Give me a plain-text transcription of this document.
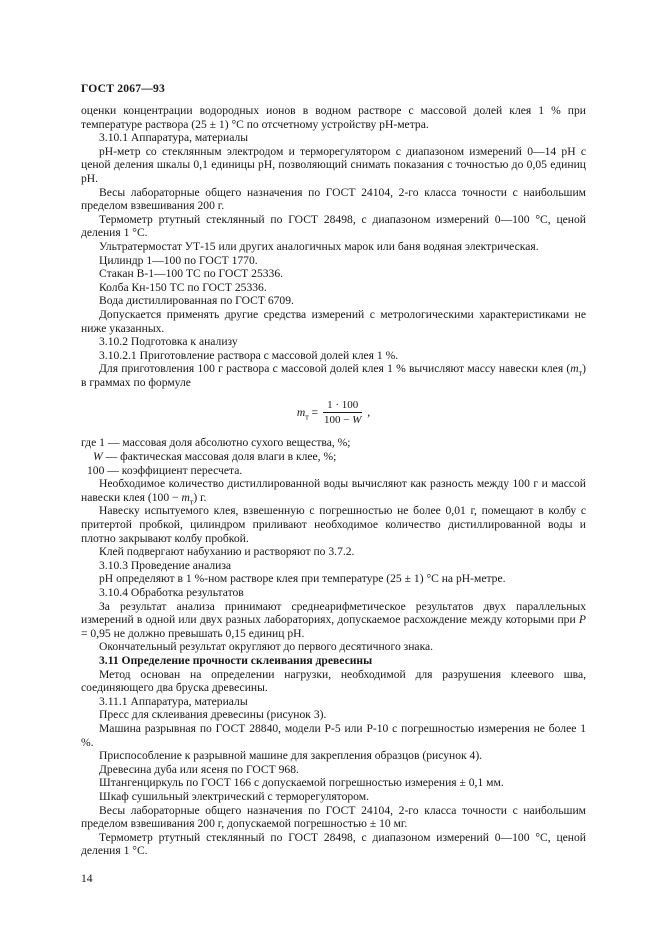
ГОСТ 2067—93

оценки концентрации водородных ионов в водном растворе с массовой долей клея 1 % при температуре раствора (25 ± 1) °С по отсчетному устройству рН-метра.

3.10.1 Аппаратура, материалы

рН-метр со стеклянным электродом и терморегулятором с диапазоном измерений 0—14 рН с ценой деления шкалы 0,1 единицы рН, позволяющий снимать показания с точностью до 0,05 единиц рН.

Весы лабораторные общего назначения по ГОСТ 24104, 2-го класса точности с наибольшим пределом взвешивания 200 г.

Термометр ртутный стеклянный по ГОСТ 28498, с диапазоном измерений 0—100 °С, ценой деления 1 °С.

Ультратермостат УТ-15 или других аналогичных марок или баня водяная электрическая.

Цилиндр 1—100 по ГОСТ 1770.

Стакан В-1—100 ТС по ГОСТ 25336.

Колба Кн-150 ТС по ГОСТ 25336.

Вода дистиллированная по ГОСТ 6709.

Допускается применять другие средства измерений с метрологическими характеристиками не ниже указанных.

3.10.2 Подготовка к анализу

3.10.2.1 Приготовление раствора с массовой долей клея 1 %.

Для приготовления 100 г раствора с массовой долей клея 1 % вычисляют массу навески клея $(m_т)$ в граммах по формуле

$m_т = \frac{1 \cdot 100}{100 - W}$ ,

где 1 — массовая доля абсолютно сухого вещества, %;

W — фактическая массовая доля влаги в клее, %;

100 — коэффициент пересчета.

Необходимое количество дистиллированной воды вычисляют как разность между 100 г и массой навески клея $(100 - m_т)$ г.

Навеску испытуемого клея, взвешенную с погрешностью не более 0,01 г, помещают в колбу с притертой пробкой, цилиндром приливают необходимое количество дистиллированной воды и плотно закрывают колбу пробкой.

Клей подвергают набуханию и растворяют по 3.7.2.

3.10.3 Проведение анализа

рН определяют в 1 %-ном растворе клея при температуре (25 ± 1) °С на рН-метре.

3.10.4 Обработка результатов

За результат анализа принимают среднеарифметическое результатов двух параллельных измерений в одной или двух разных лабораториях, допускаемое расхождение между которыми при Р = 0,95 не должно превышать 0,15 единиц рН.

Окончательный результат округляют до первого десятичного знака.

3.11 Определение прочности склеивания древесины

Метод основан на определении нагрузки, необходимой для разрушения клеевого шва, соединяющего два бруска древесины.

3.11.1 Аппаратура, материалы

Пресс для склеивания древесины (рисунок 3).

Машина разрывная по ГОСТ 28840, модели Р-5 или Р-10 с погрешностью измерения не более 1 %.

Приспособление к разрывной машине для закрепления образцов (рисунок 4).

Древесина дуба или ясеня по ГОСТ 968.

Штангенциркуль по ГОСТ 166 с допускаемой погрешностью измерения ± 0,1 мм.

Шкаф сушильный электрический с терморегулятором.

Весы лабораторные общего назначения по ГОСТ 24104, 2-го класса точности с наибольшим пределом взвешивания 200 г, допускаемой погрешностью ± 10 мг.

Термометр ртутный стеклянный по ГОСТ 28498, с диапазоном измерений 0—100 °С, ценой деления 1 °С.

14
